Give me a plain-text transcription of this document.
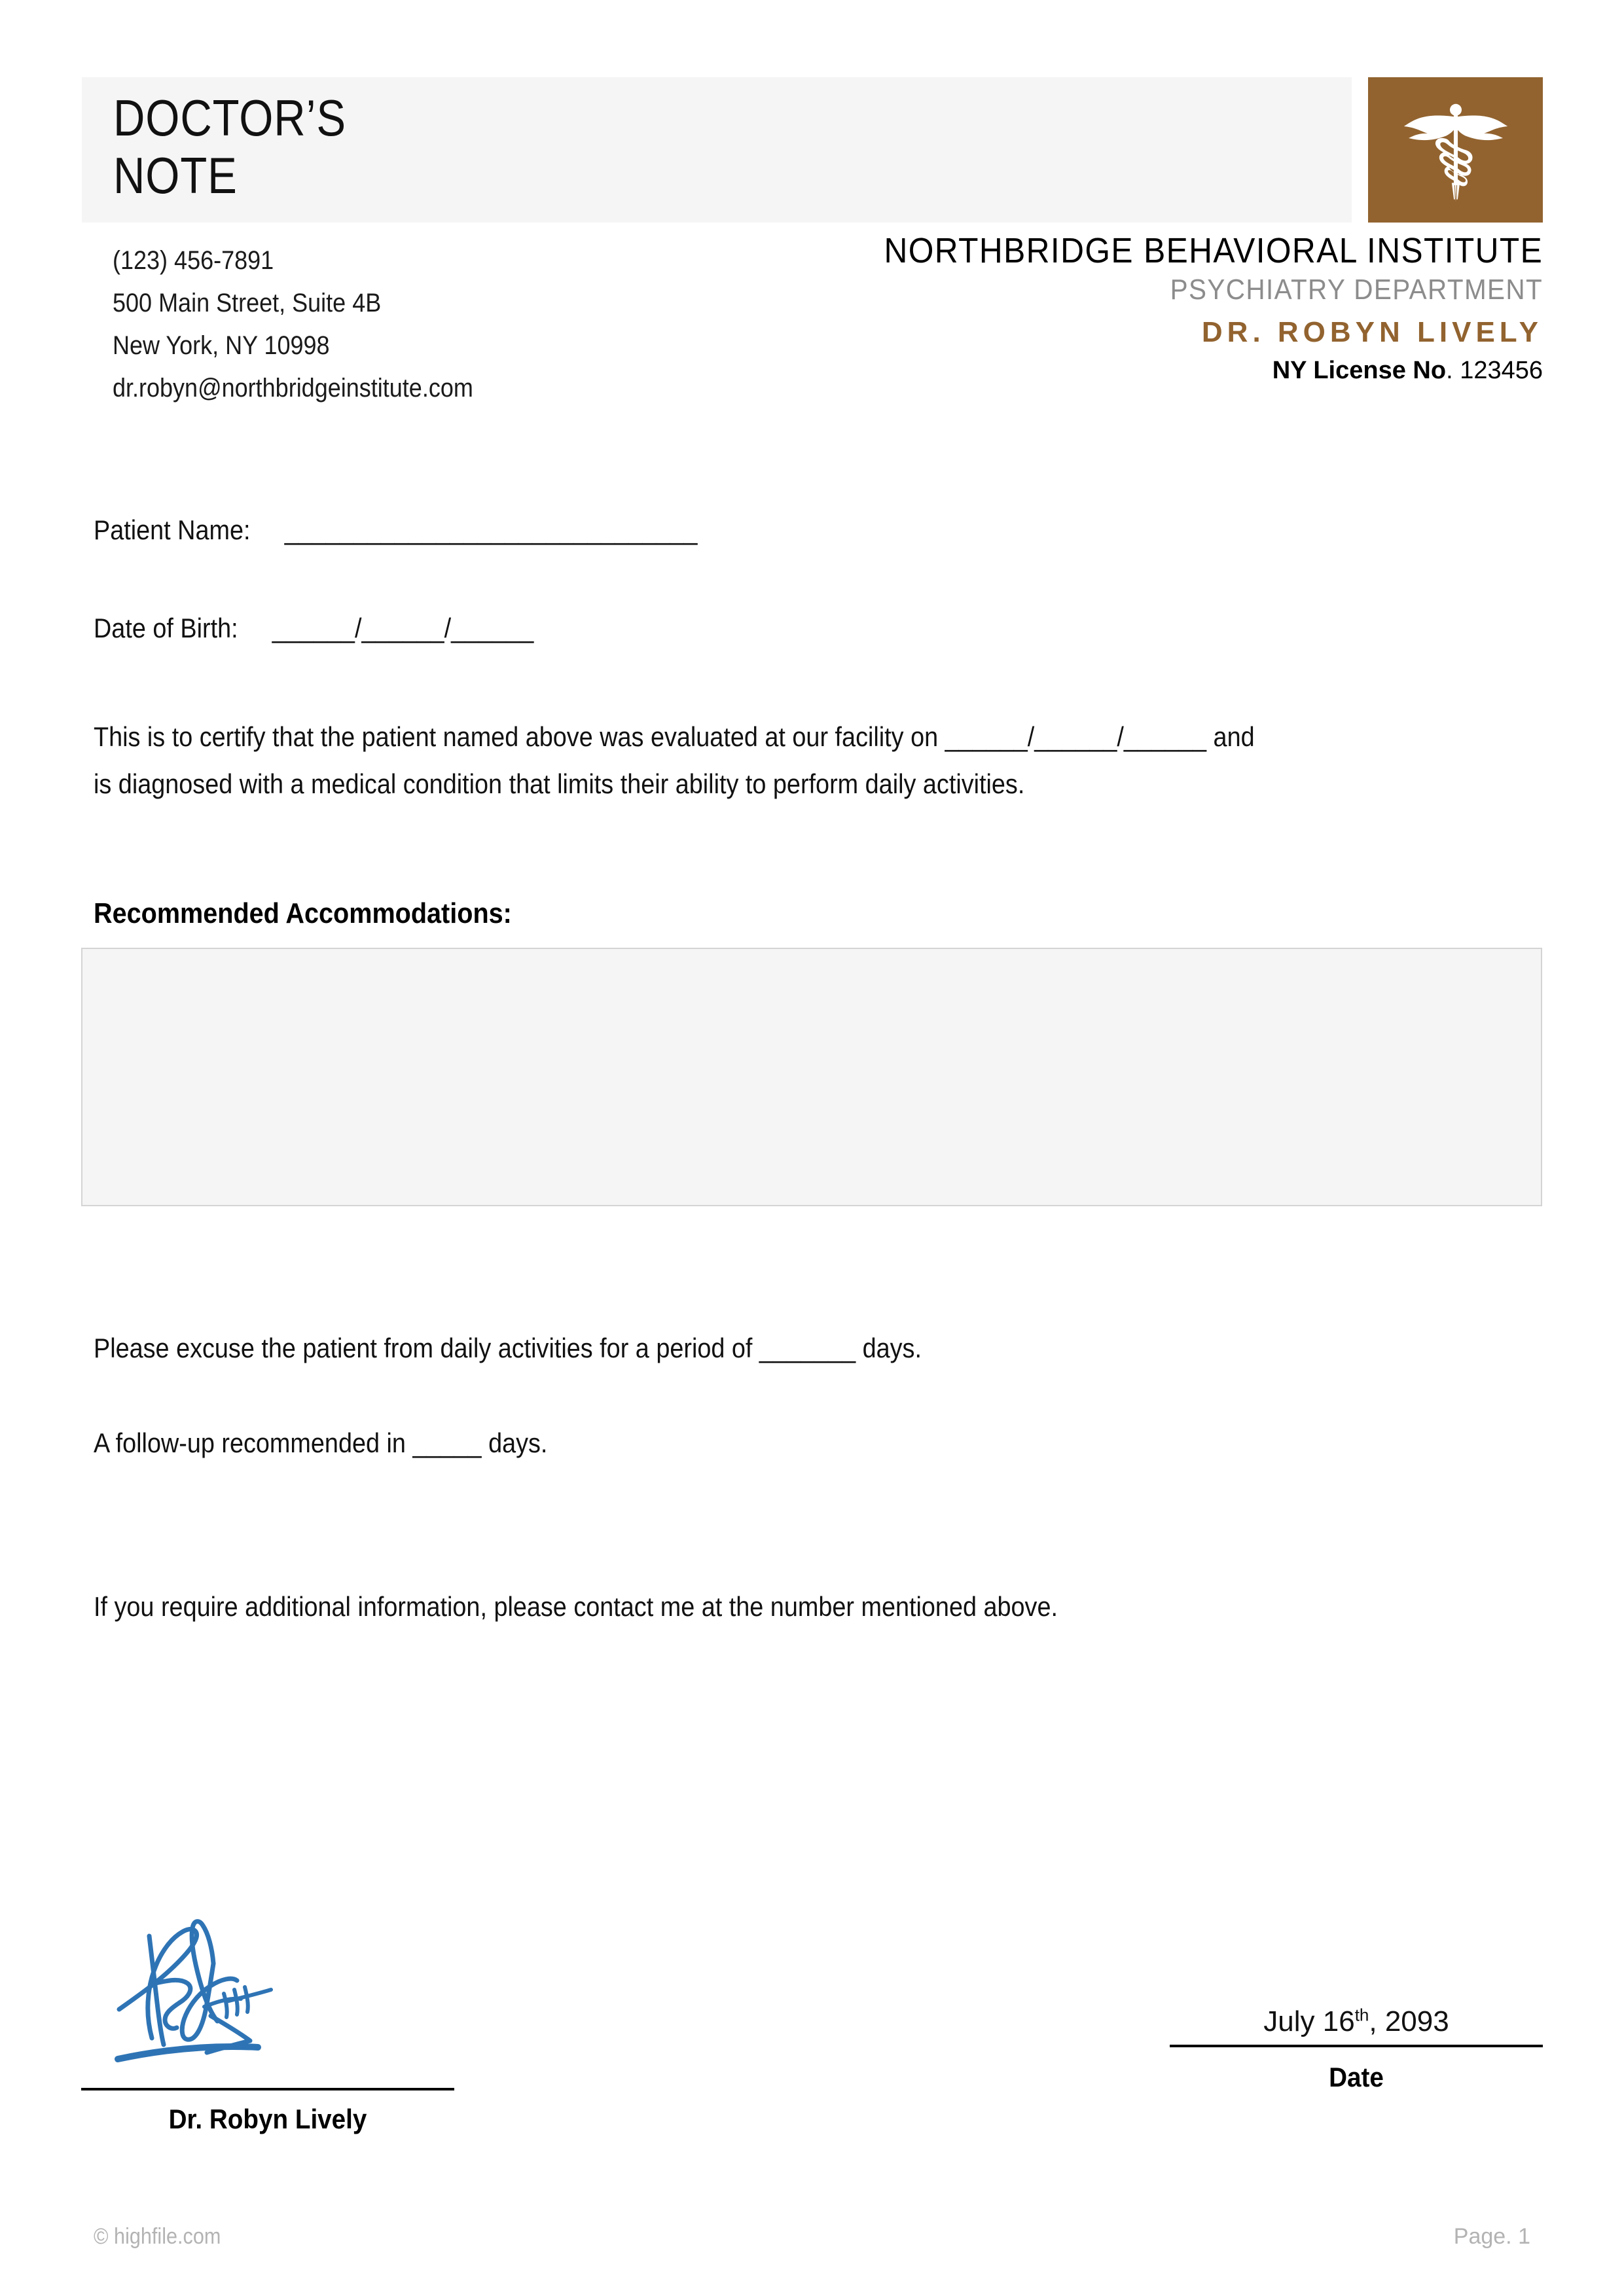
DOCTOR’S
NOTE
(123) 456-7891
500 Main Street, Suite 4B
New York, NY 10998
dr.robyn@northbridgeinstitute.com
NORTHBRIDGE BEHAVIORAL INSTITUTE
PSYCHIATRY DEPARTMENT
DR. ROBYN LIVELY
NY License No. 123456
Patient Name: ______________________________
Date of Birth: ______/______/______
This is to certify that the patient named above was evaluated at our facility on ______/______/______ and
is diagnosed with a medical condition that limits their ability to perform daily activities.
Recommended Accommodations:
Please excuse the patient from daily activities for a period of _______ days.
A follow-up recommended in _____ days.
If you require additional information, please contact me at the number mentioned above.
Dr. Robyn Lively
July 16th, 2093
Date
© highfile.com	Page. 1
